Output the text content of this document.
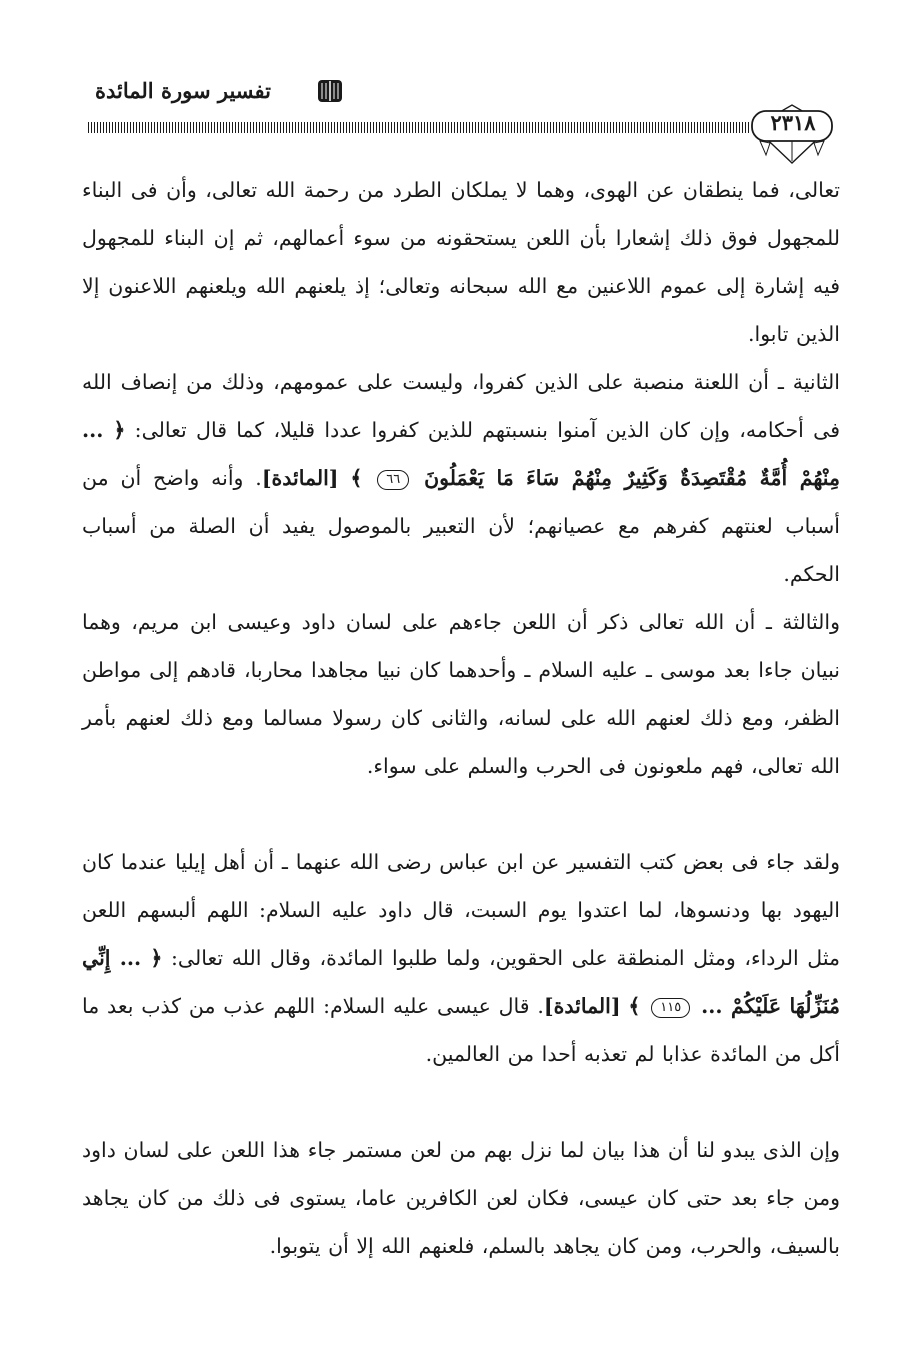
تفسير سورة المائدة
٢٣١٨
تعالى، فما ينطقان عن الهوى، وهما لا يملكان الطرد من رحمة الله تعالى، وأن فى البناء للمجهول فوق ذلك إشعارا بأن اللعن يستحقونه من سوء أعمالهم، ثم إن البناء للمجهول فيه إشارة إلى عموم اللاعنين مع الله سبحانه وتعالى؛ إذ يلعنهم الله ويلعنهم اللاعنون إلا الذين تابوا.
الثانية ـ أن اللعنة منصبة على الذين كفروا، وليست على عمومهم، وذلك من إنصاف الله فى أحكامه، وإن كان الذين آمنوا بنسبتهم للذين كفروا عددا قليلا، كما قال تعالى: ﴿ ... مِنْهُمْ أُمَّةٌ مُقْتَصِدَةٌ وَكَثِيرٌ مِنْهُمْ سَاءَ مَا يَعْمَلُونَ ٦٦ ﴾ [المائدة]. وأنه واضح أن من أسباب لعنتهم كفرهم مع عصيانهم؛ لأن التعبير بالموصول يفيد أن الصلة من أسباب الحكم.
والثالثة ـ أن الله تعالى ذكر أن اللعن جاءهم على لسان داود وعيسى ابن مريم، وهما نبيان جاءا بعد موسى ـ عليه السلام ـ وأحدهما كان نبيا مجاهدا محاربا، قادهم إلى مواطن الظفر، ومع ذلك لعنهم الله على لسانه، والثانى كان رسولا مسالما ومع ذلك لعنهم بأمر الله تعالى، فهم ملعونون فى الحرب والسلم على سواء.
ولقد جاء فى بعض كتب التفسير عن ابن عباس رضى الله عنهما ـ أن أهل إيليا عندما كان اليهود بها ودنسوها، لما اعتدوا يوم السبت، قال داود عليه السلام: اللهم ألبسهم اللعن مثل الرداء، ومثل المنطقة على الحقوين، ولما طلبوا المائدة، وقال الله تعالى: ﴿ ... إِنِّي مُنَزِّلُهَا عَلَيْكُمْ ... ١١٥ ﴾ [المائدة]. قال عيسى عليه السلام: اللهم عذب من كذب بعد ما أكل من المائدة عذابا لم تعذبه أحدا من العالمين.
وإن الذى يبدو لنا أن هذا بيان لما نزل بهم من لعن مستمر جاء هذا اللعن على لسان داود ومن جاء بعد حتى كان عيسى، فكان لعن الكافرين عاما، يستوى فى ذلك من كان يجاهد بالسيف، والحرب، ومن كان يجاهد بالسلم، فلعنهم الله إلا أن يتوبوا.
